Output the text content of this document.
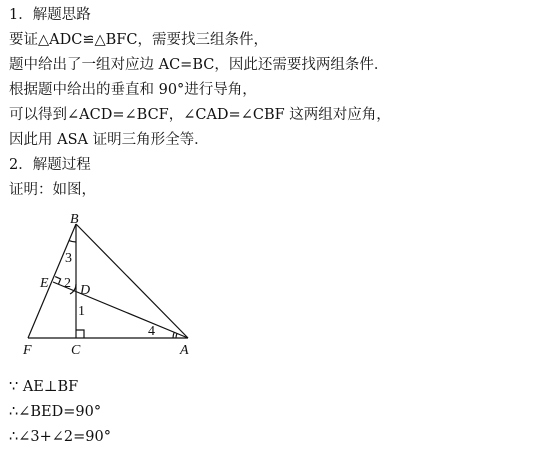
1．解题思路
要证△ADC≌△BFC，需要找三组条件，
题中给出了一组对应边 AC=BC，因此还需要找两组条件．
根据题中给出的垂直和 90°进行导角，
可以得到∠ACD=∠BCF，∠CAD=∠CBF 这两组对应角，
因此用 ASA 证明三角形全等．
2．解题过程
证明：如图，
B
E D
F	C	A
3
2
1
4
∵ AE⊥BF
∴∠BED=90°
∴∠3+∠2=90°
